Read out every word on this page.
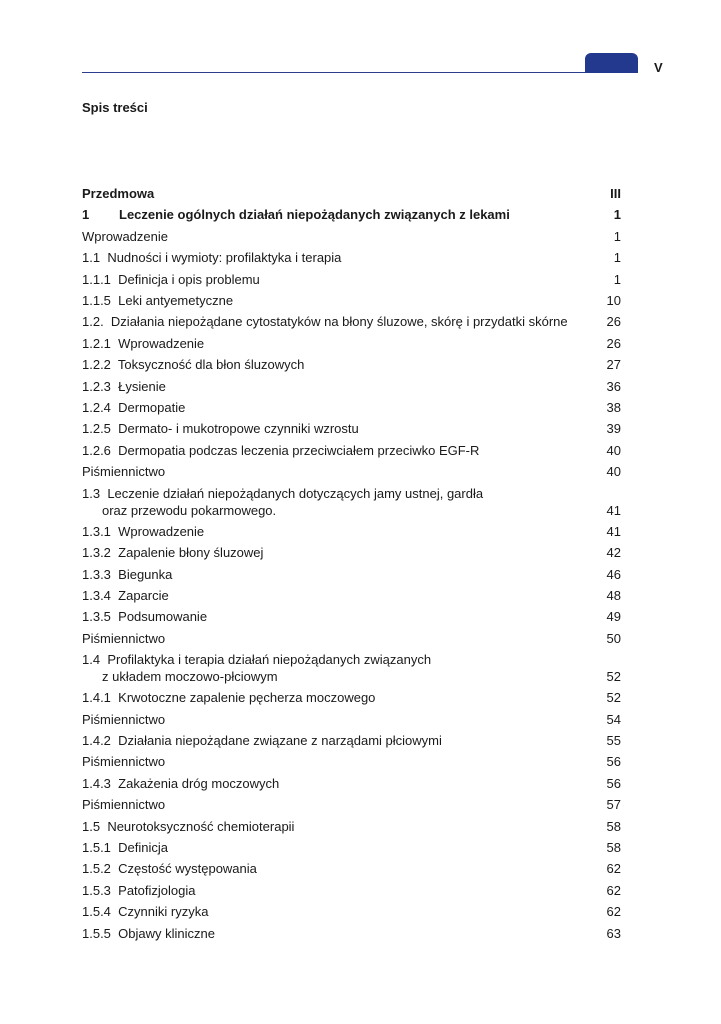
V
Spis treści
Przedmowa	III
1 Leczenie ogólnych działań niepożądanych związanych z lekami	1
Wprowadzenie	1
1.1 Nudności i wymioty: profilaktyka i terapia	1
1.1.1 Definicja i opis problemu	1
1.1.5 Leki antyemetyczne	10
1.2. Działania niepożądane cytostatyków na błony śluzowe, skórę i przydatki skórne	26
1.2.1 Wprowadzenie	26
1.2.2 Toksyczność dla błon śluzowych	27
1.2.3 Łysienie	36
1.2.4 Dermopatie	38
1.2.5 Dermato- i mukotropowe czynniki wzrostu	39
1.2.6 Dermopatia podczas leczenia przeciwciałem przeciwko EGF-R	40
Piśmiennictwo	40
1.3 Leczenie działań niepożądanych dotyczących jamy ustnej, gardła
oraz przewodu pokarmowego.	41
1.3.1 Wprowadzenie	41
1.3.2 Zapalenie błony śluzowej	42
1.3.3 Biegunka	46
1.3.4 Zaparcie	48
1.3.5 Podsumowanie	49
Piśmiennictwo	50
1.4 Profilaktyka i terapia działań niepożądanych związanych
z układem moczowo-płciowym	52
1.4.1 Krwotoczne zapalenie pęcherza moczowego	52
Piśmiennictwo	54
1.4.2 Działania niepożądane związane z narządami płciowymi	55
Piśmiennictwo	56
1.4.3 Zakażenia dróg moczowych	56
Piśmiennictwo	57
1.5 Neurotoksyczność chemioterapii	58
1.5.1 Definicja	58
1.5.2 Częstość występowania	62
1.5.3 Patofizjologia	62
1.5.4 Czynniki ryzyka	62
1.5.5 Objawy kliniczne	63
